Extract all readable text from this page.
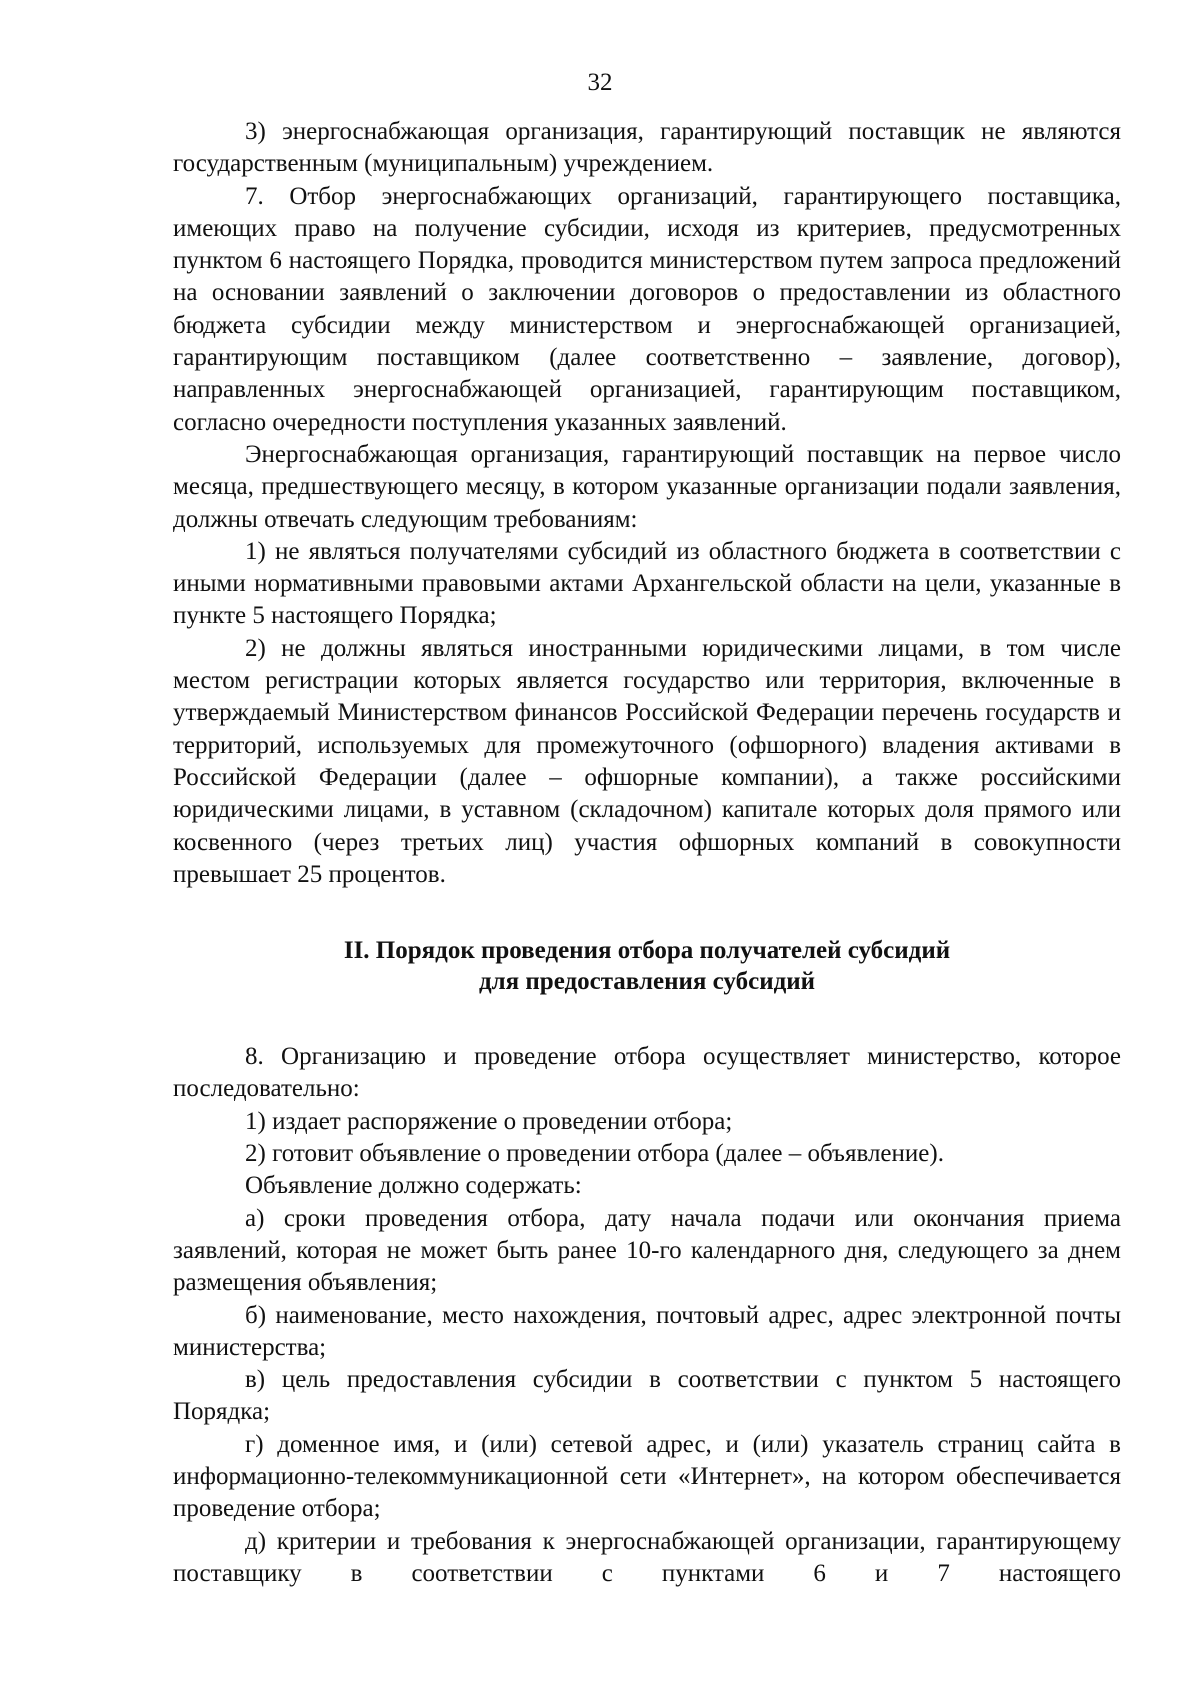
32

3) энергоснабжающая организация, гарантирующий поставщик не являются государственным (муниципальным) учреждением.

7. Отбор энергоснабжающих организаций, гарантирующего поставщика, имеющих право на получение субсидии, исходя из критериев, предусмотренных пунктом 6 настоящего Порядка, проводится министерством путем запроса предложений на основании заявлений о заключении договоров о предоставлении из областного бюджета субсидии между министерством и энергоснабжающей организацией, гарантирующим поставщиком (далее соответственно – заявление, договор), направленных энергоснабжающей организацией, гарантирующим поставщиком, согласно очередности поступления указанных заявлений.

Энергоснабжающая организация, гарантирующий поставщик на первое число месяца, предшествующего месяцу, в котором указанные организации подали заявления, должны отвечать следующим требованиям:

1) не являться получателями субсидий из областного бюджета в соответствии с иными нормативными правовыми актами Архангельской области на цели, указанные в пункте 5 настоящего Порядка;

2) не должны являться иностранными юридическими лицами, в том числе местом регистрации которых является государство или территория, включенные в утверждаемый Министерством финансов Российской Федерации перечень государств и территорий, используемых для промежуточного (офшорного) владения активами в Российской Федерации (далее – офшорные компании), а также российскими юридическими лицами, в уставном (складочном) капитале которых доля прямого или косвенного (через третьих лиц) участия офшорных компаний в совокупности превышает 25 процентов.

II. Порядок проведения отбора получателей субсидий
для предоставления субсидий

8. Организацию и проведение отбора осуществляет министерство, которое последовательно:

1) издает распоряжение о проведении отбора;

2) готовит объявление о проведении отбора (далее – объявление).

Объявление должно содержать:

а) сроки проведения отбора, дату начала подачи или окончания приема заявлений, которая не может быть ранее 10-го календарного дня, следующего за днем размещения объявления;

б) наименование, место нахождения, почтовый адрес, адрес электронной почты министерства;

в) цель предоставления субсидии в соответствии с пунктом 5 настоящего Порядка;

г) доменное имя, и (или) сетевой адрес, и (или) указатель страниц сайта в информационно-телекоммуникационной сети «Интернет», на котором обеспечивается проведение отбора;

д) критерии и требования к энергоснабжающей организации, гарантирующему поставщику в соответствии с пунктами 6 и 7 настоящего
